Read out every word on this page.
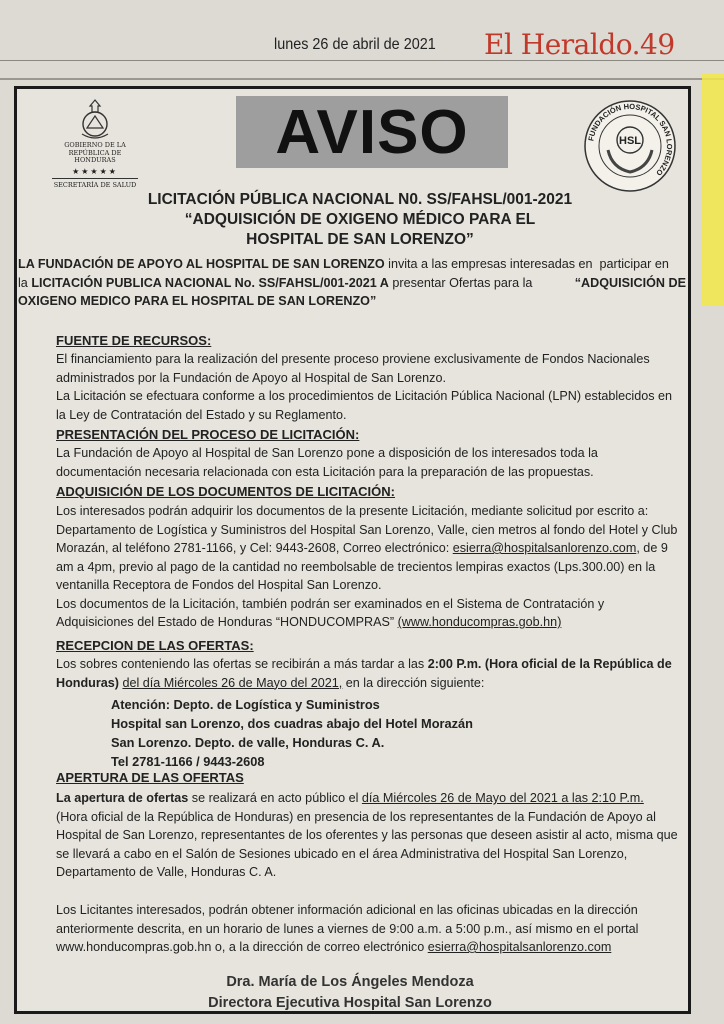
lunes 26 de abril de 2021 El Heraldo.49
GOBIERNO DE LA
REPÚBLICA DE HONDURAS
★★★★★
SECRETARÍA DE SALUD
AVISO	FUNDACIÓN HOSPITAL SAN LORENZO
HSL
LICITACIÓN PÚBLICA NACIONAL N0. SS/FAHSL/001-2021
“ADQUISICIÓN DE OXIGENO MÉDICO PARA EL
HOSPITAL DE SAN LORENZO”
LA FUNDACIÓN DE APOYO AL HOSPITAL DE SAN LORENZO invita a las empresas interesadas en  participar en
la LICITACIÓN PUBLICA NACIONAL No. SS/FAHSL/001-2021 A presentar Ofertas para la	“ADQUISICIÓN DE
OXIGENO MEDICO PARA EL HOSPITAL DE SAN LORENZO”
FUENTE DE RECURSOS:
El financiamiento para la realización del presente proceso proviene exclusivamente de Fondos Nacionales
administrados por la Fundación de Apoyo al Hospital de San Lorenzo.
La Licitación se efectuara conforme a los procedimientos de Licitación Pública Nacional (LPN) establecidos en
la Ley de Contratación del Estado y su Reglamento.
PRESENTACIÓN DEL PROCESO DE LICITACIÓN:
La Fundación de Apoyo al Hospital de San Lorenzo pone a disposición de los interesados toda la
documentación necesaria relacionada con esta Licitación para la preparación de las propuestas.
ADQUISICIÓN DE LOS DOCUMENTOS DE LICITACIÓN:
Los interesados podrán adquirir los documentos de la presente Licitación, mediante solicitud por escrito a:
Departamento de Logística y Suministros del Hospital San Lorenzo, Valle, cien metros al fondo del Hotel y Club
Morazán, al teléfono 2781-1166, y Cel: 9443-2608, Correo electrónico: esierra@hospitalsanlorenzo.com, de 9
am a 4pm, previo al pago de la cantidad no reembolsable de trecientos lempiras exactos (Lps.300.00) en la
ventanilla Receptora de Fondos del Hospital San Lorenzo.
Los documentos de la Licitación, también podrán ser examinados en el Sistema de Contratación y
Adquisiciones del Estado de Honduras “HONDUCOMPRAS” (www.honducompras.gob.hn)
RECEPCION DE LAS OFERTAS:
Los sobres conteniendo las ofertas se recibirán a más tardar a las 2:00 P.m. (Hora oficial de la República de
Honduras) del día Miércoles 26 de Mayo del 2021, en la dirección siguiente:
Atención: Depto. de Logística y Suministros
Hospital san Lorenzo, dos cuadras abajo del Hotel Morazán
San Lorenzo. Depto. de valle, Honduras C. A.
Tel 2781-1166 / 9443-2608
APERTURA DE LAS OFERTAS
La apertura de ofertas se realizará en acto público el día Miércoles 26 de Mayo del 2021 a las 2:10 P.m.
(Hora oficial de la República de Honduras) en presencia de los representantes de la Fundación de Apoyo al
Hospital de San Lorenzo, representantes de los oferentes y las personas que deseen asistir al acto, misma que
se llevará a cabo en el Salón de Sesiones ubicado en el área Administrativa del Hospital San Lorenzo,
Departamento de Valle, Honduras C. A.
Los Licitantes interesados, podrán obtener información adicional en las oficinas ubicadas en la dirección
anteriormente descrita, en un horario de lunes a viernes de 9:00 a.m. a 5:00 p.m., así mismo en el portal
www.honducompras.gob.hn o, a la dirección de correo electrónico esierra@hospitalsanlorenzo.com
Dra. María de Los Ángeles Mendoza
Directora Ejecutiva Hospital San Lorenzo
